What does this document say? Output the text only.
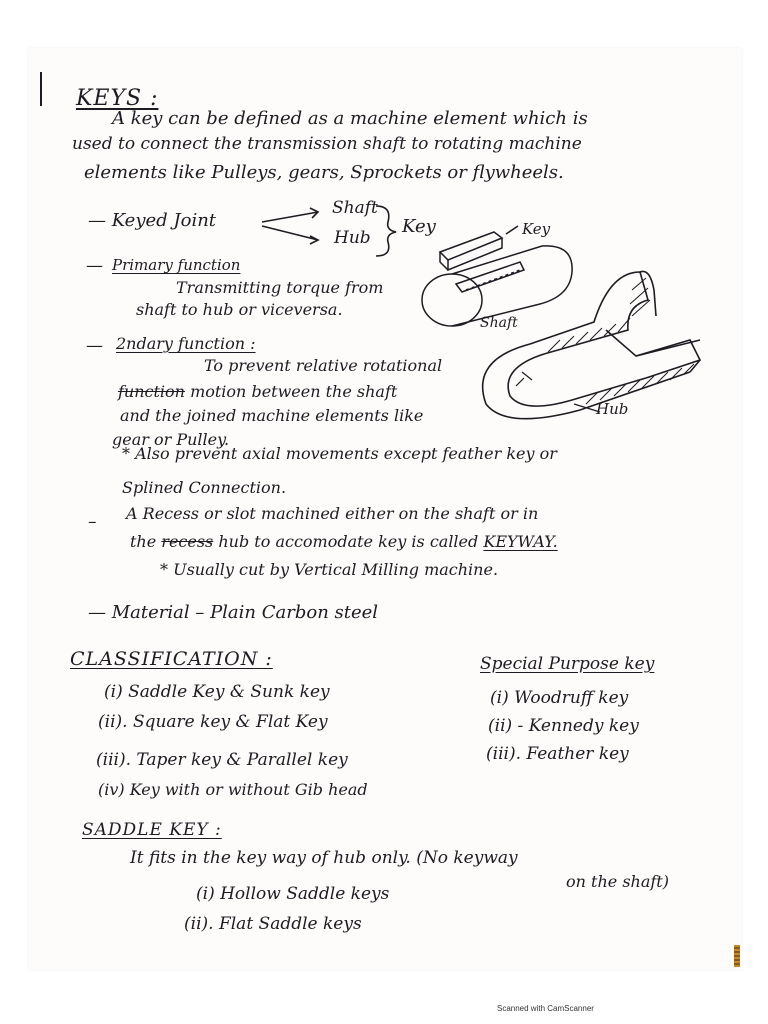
KEYS :
A key can be defined as a machine element which is
used to connect the transmission shaft to rotating machine
elements like Pulleys, gears, Sprockets or flywheels.
— Keyed Joint
Shaft
Hub
Key
— Primary function
Transmitting torque from
shaft to hub or viceversa.
— 2ndary function :
To prevent relative rotational
function motion between the shaft
and the joined machine elements like
gear or Pulley.
Key
Shaft
Hub
* Also prevent axial movements except feather key or
Splined Connection.
– A Recess or slot machined either on the shaft or in
the recess hub to accomodate key is called KEYWAY.
* Usually cut by Vertical Milling machine.
— Material – Plain Carbon steel
CLASSIFICATION :
(i) Saddle Key & Sunk key
(ii). Square key & Flat Key
(iii). Taper key & Parallel key
(iv) Key with or without Gib head
Special Purpose key
(i) Woodruff key
(ii) - Kennedy key
(iii). Feather key
SADDLE KEY :
It fits in the key way of hub only. (No keyway
on the shaft)
(i) Hollow Saddle keys
(ii). Flat Saddle keys
Scanned with CamScanner
